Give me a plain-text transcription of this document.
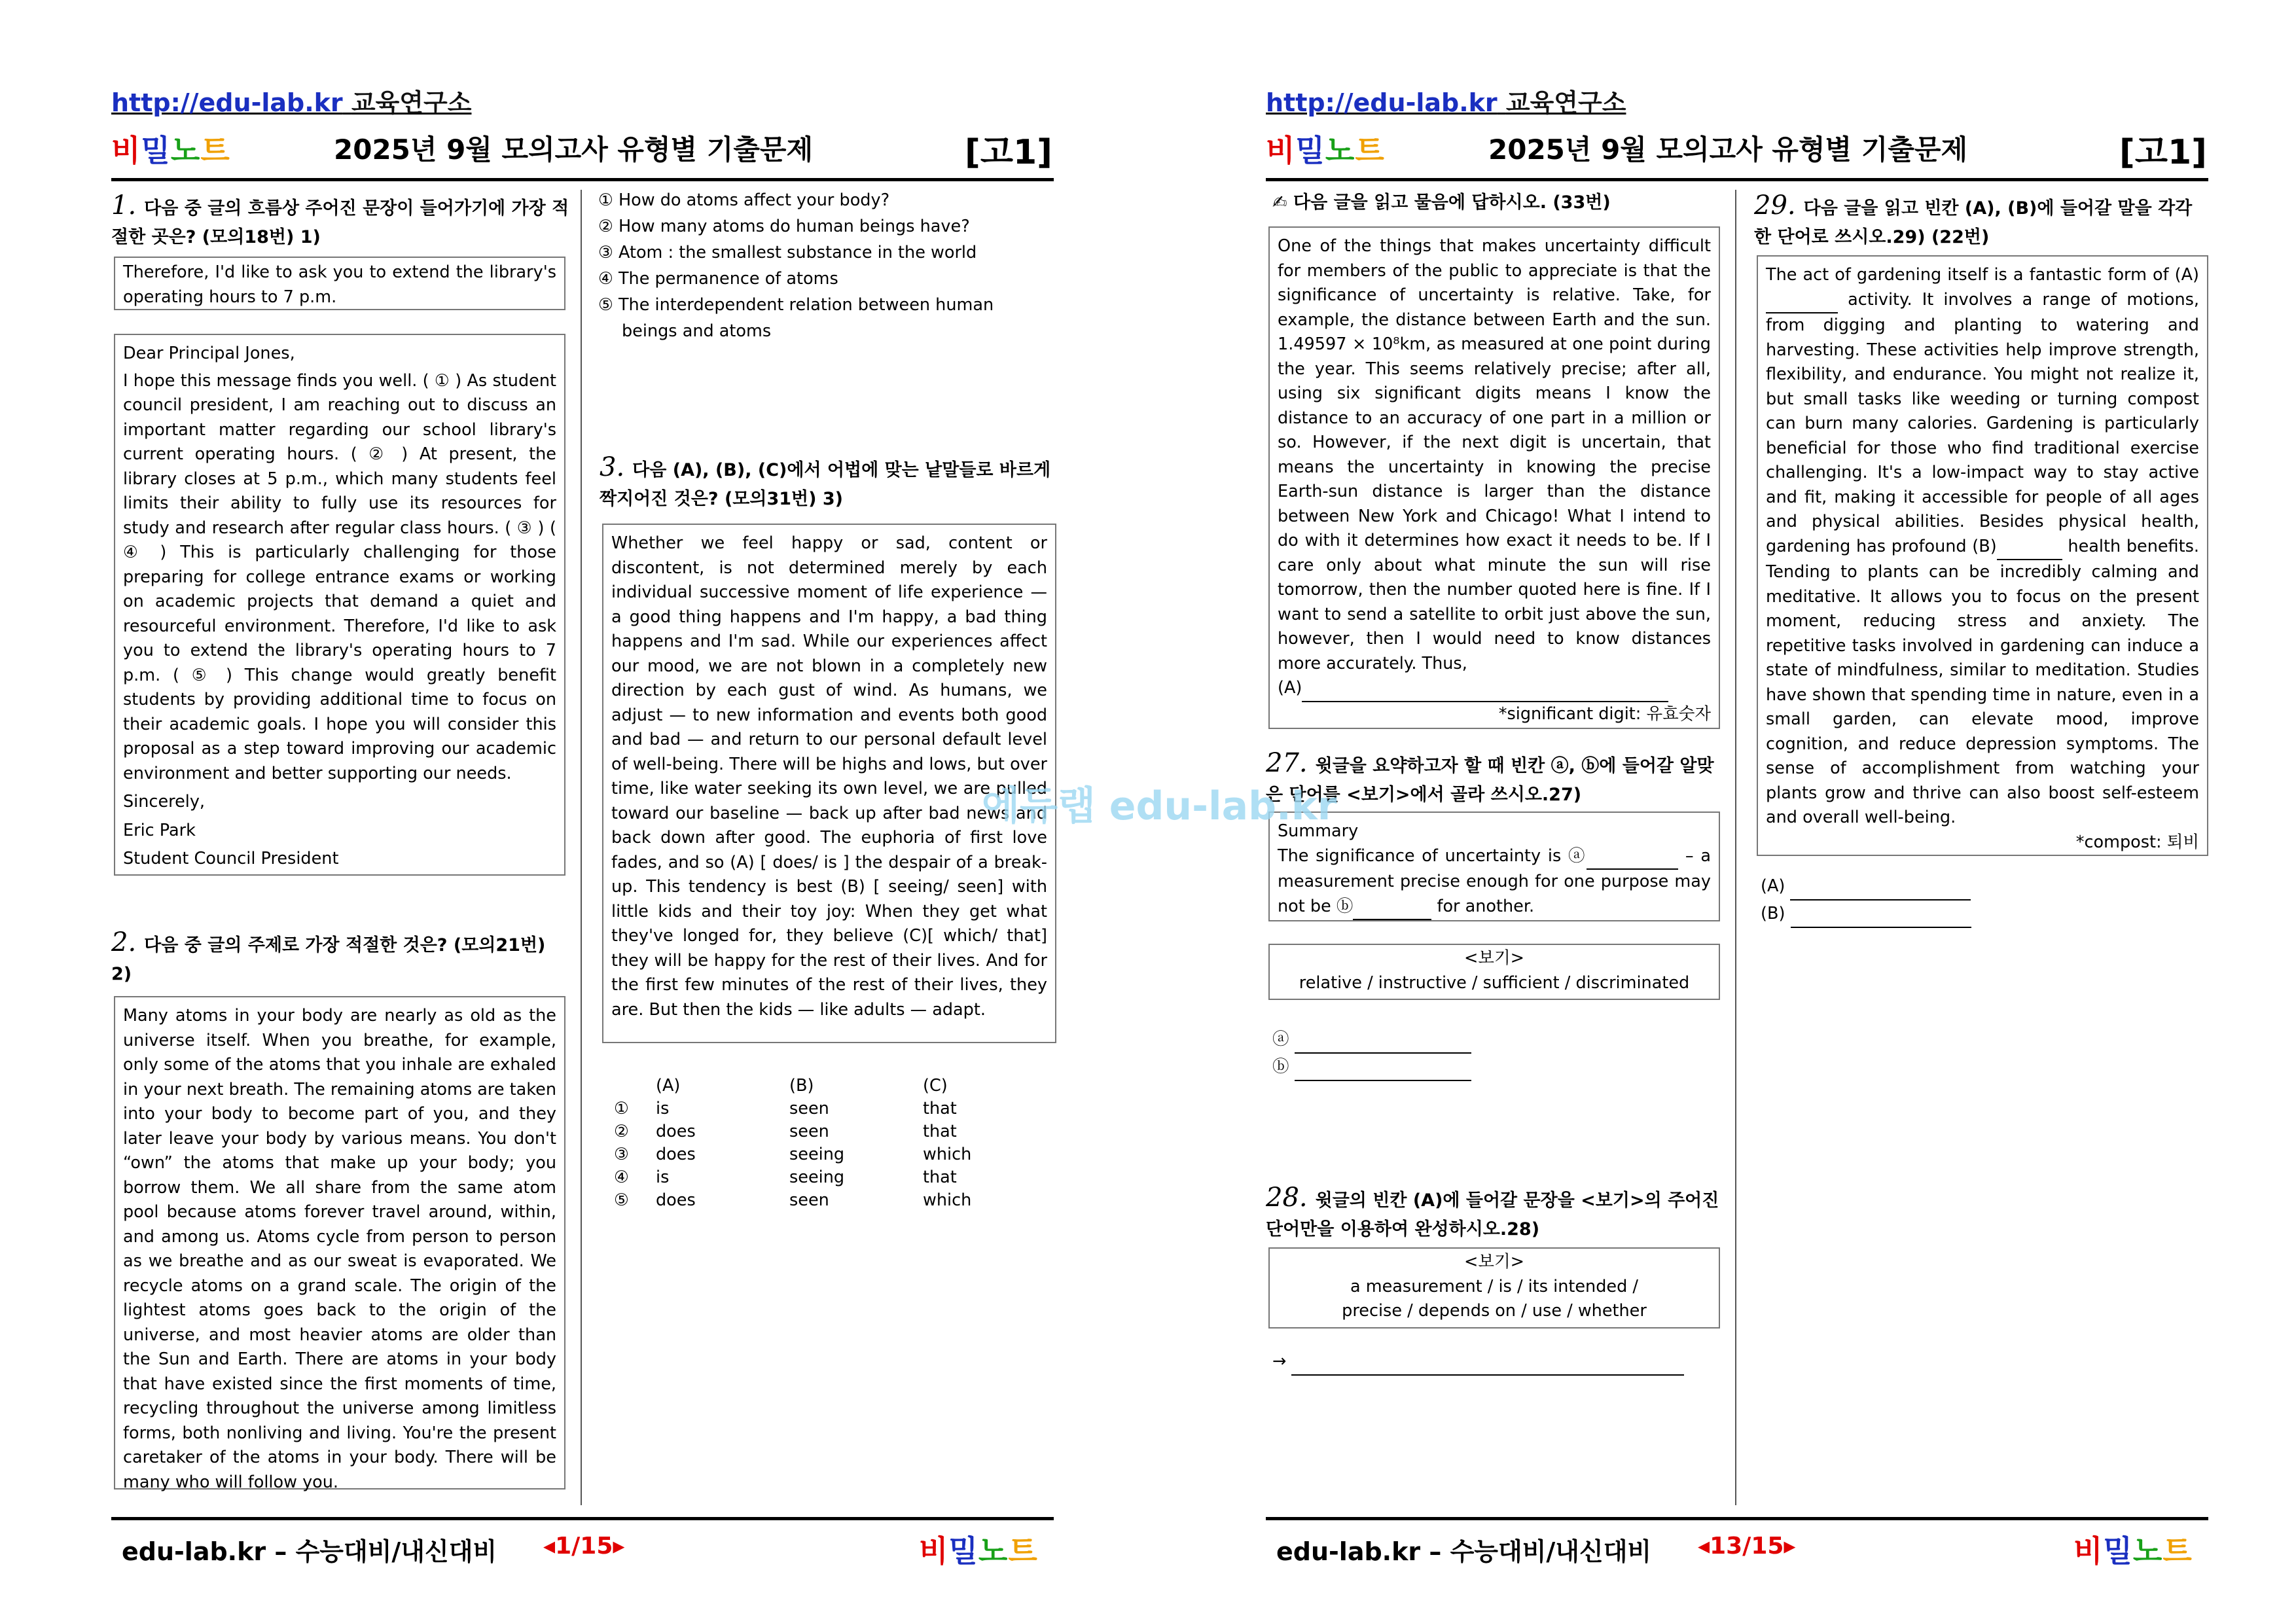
http://edu-lab.kr 교육연구소
비밀노트	2025년 9월 모의고사 유형별 기출문제	[고1]
1. 다음 중 글의 흐름상 주어진 문장이 들어가기에 가장 적절한 곳은? (모의18번) 1)

Therefore, I'd like to ask you to extend the library's operating hours to 7 p.m.

Dear Principal Jones,

I hope this message finds you well. ( ① ) As student council president, I am reaching out to discuss an important matter regarding our school library's current operating hours. ( ② ) At present, the library closes at 5 p.m., which many students feel limits their ability to fully use its resources for study and research after regular class hours. ( ③ ) ( ④ ) This is particularly challenging for those preparing for college entrance exams or working on academic projects that demand a quiet and resourceful environment. Therefore, I'd like to ask you to extend the library's operating hours to 7 p.m. ( ⑤ ) This change would greatly benefit students by providing additional time to focus on their academic goals. I hope you will consider this proposal as a step toward improving our academic environment and better supporting our needs.

Sincerely,

Eric Park

Student Council President

2. 다음 중 글의 주제로 가장 적절한 것은? (모의21번) 2)

Many atoms in your body are nearly as old as the universe itself. When you breathe, for example, only some of the atoms that you inhale are exhaled in your next breath. The remaining atoms are taken into your body to become part of you, and they later leave your body by various means. You don't “own” the atoms that make up your body; you borrow them. We all share from the same atom pool because atoms forever travel around, within, and among us. Atoms cycle from person to person as we breathe and as our sweat is evaporated. We recycle atoms on a grand scale. The origin of the lightest atoms goes back to the origin of the universe, and most heavier atoms are older than the Sun and Earth. There are atoms in your body that have existed since the first moments of time, recycling throughout the universe among limitless forms, both nonliving and living. You're the present caretaker of the atoms in your body. There will be many who will follow you.

① How do atoms affect your body?
② How many atoms do human beings have?
③ Atom : the smallest substance in the world
④ The permanence of atoms
⑤ The interdependent relation between human beings and atoms
3. 다음 (A), (B), (C)에서 어법에 맞는 낱말들로 바르게 짝지어진 것은? (모의31번) 3)

Whether we feel happy or sad, content or discontent, is not determined merely by each individual successive moment of life experience — a good thing happens and I'm happy, a bad thing happens and I'm sad. While our experiences affect our mood, we are not blown in a completely new direction by each gust of wind. As humans, we adjust — to new information and events both good and bad — and return to our personal default level of well-being. There will be highs and lows, but over time, like water seeking its own level, we are pulled toward our baseline — back up after bad news and back down after good. The euphoria of first love fades, and so (A) [ does/ is ] the despair of a break-up. This tendency is best (B) [ seeing/ seen] with little kids and their toy joy: When they get what they've longed for, they believe (C)[ which/ that] they will be happy for the rest of their lives. And for the first few minutes of the rest of their lives, they are. But then the kids — like adults — adapt.

(A)	(B)	(C)
①	is	seen	that
②	does	seen	that
③	does	seeing	which
④	is	seeing	that
⑤	does	seen	which
edu-lab.kr – 수능대비/내신대비 ◂1/15▸	비밀노트
http://edu-lab.kr 교육연구소
비밀노트	2025년 9월 모의고사 유형별 기출문제	[고1]
✍ 다음 글을 읽고 물음에 답하시오. (33번)

One of the things that makes uncertainty difficult for members of the public to appreciate is that the significance of uncertainty is relative. Take, for example, the distance between Earth and the sun. 1.49597 × 10⁸km, as measured at one point during the year. This seems relatively precise; after all, using six significant digits means I know the distance to an accuracy of one part in a million or so. However, if the next digit is uncertain, that means the uncertainty in knowing the precise Earth-sun distance is larger than the distance between New York and Chicago! What I intend to do with it determines how exact it needs to be. If I care only about what minute the sun will rise tomorrow, then the number quoted here is fine. If I want to send a satellite to orbit just above the sun, however, then I would need to know distances more accurately. Thus,
(A)

*significant digit: 유효숫자

27. 윗글을 요약하고자 할 때 빈칸 ⓐ, ⓑ에 들어갈 알맞은 단어를 <보기>에서 골라 쓰시오.27)

Summary

The significance of uncertainty is ⓐ	– a measurement precise enough for one purpose may not be ⓑ	for another.

<보기>

relative / instructive / sufficient / discriminated

ⓐ
ⓑ
28. 윗글의 빈칸 (A)에 들어갈 문장을 <보기>의 주어진 단어만을 이용하여 완성하시오.28)

<보기>

a measurement / is / its intended /

precise / depends on / use / whether

→
29. 다음 글을 읽고 빈칸 (A), (B)에 들어갈 말을 각각 한 단어로 쓰시오.29) (22번)

The act of gardening itself is a fantastic form of (A)  activity. It involves a range of motions, from digging and planting to watering and harvesting. These activities help improve strength, flexibility, and endurance. You might not realize it, but small tasks like weeding or turning compost can burn many calories. Gardening is particularly beneficial for those who find traditional exercise challenging. It's a low-impact way to stay active and fit, making it accessible for people of all ages and physical abilities. Besides physical health, gardening has profound (B)	health benefits. Tending to plants can be incredibly calming and meditative. It allows you to focus on the present moment, reducing stress and anxiety. The repetitive tasks involved in gardening can induce a state of mindfulness, similar to meditation. Studies have shown that spending time in nature, even in a small garden, can elevate mood, improve cognition, and reduce depression symptoms. The sense of accomplishment from watching your plants grow and thrive can also boost self-esteem and overall well-being.

*compost: 퇴비

(A)
(B)
edu-lab.kr – 수능대비/내신대비 ◂13/15▸	비밀노트
에듀랩 edu-lab.kr
